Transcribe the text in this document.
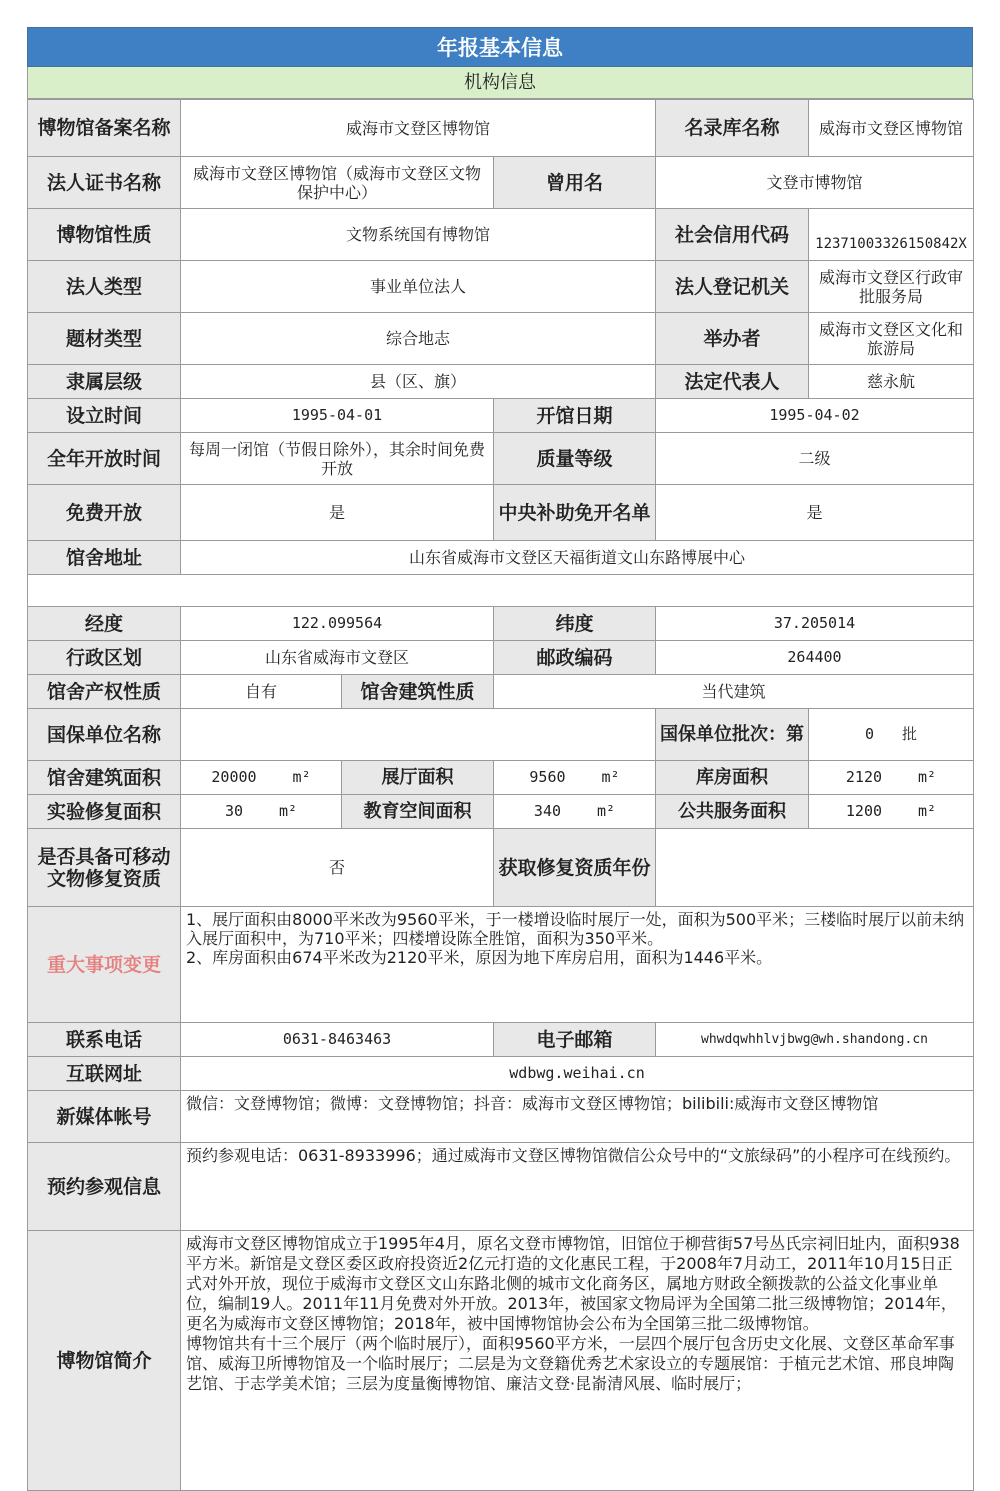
年报基本信息
机构信息
博物馆备案名称	威海市文登区博物馆			名录库名称	威海市文登区博物馆
法人证书名称	威海市文登区博物馆（威海市文登区文物保护中心）		曾用名	文登市博物馆	
博物馆性质	文物系统国有博物馆			社会信用代码	12371003326150842X
法人类型	事业单位法人			法人登记机关	威海市文登区行政审批服务局
题材类型	综合地志			举办者	威海市文登区文化和旅游局
隶属层级	县（区、旗）			法定代表人	慈永航
设立时间	1995-04-01		开馆日期	1995-04-02	
全年开放时间	每周一闭馆（节假日除外），其余时间免费开放		质量等级	二级	
免费开放	是		中央补助免开名单	是	
馆舍地址	山东省威海市文登区天福街道文山东路博展中心				

经度	122.099564		纬度	37.205014	
行政区划	山东省威海市文登区		邮政编码	264400	
馆舍产权性质	自有	馆舍建筑性质	当代建筑		
国保单位名称				国保单位批次：第	0 批
馆舍建筑面积	20000 m²	展厅面积	9560 m²	库房面积	2120 m²
实验修复面积	30 m²	教育空间面积	340 m²	公共服务面积	1200 m²
是否具备可移动文物修复资质	否		获取修复资质年份		
重大事项变更	1、展厅面积由8000平米改为9560平米，于一楼增设临时展厅一处，面积为500平米；三楼临时展厅以前未纳入展厅面积中，为710平米；四楼增设陈全胜馆，面积为350平米。
2、库房面积由674平米改为2120平米，原因为地下库房启用，面积为1446平米。				

联系电话	0631-8463463		电子邮箱	whwdqwhhlvjbwg@wh.shandong.cn	
互联网址	wdbwg.weihai.cn				
新媒体帐号	微信：文登博物馆；微博：文登博物馆；抖音：威海市文登区博物馆；bilibili:威海市文登区博物馆				
预约参观信息	预约参观电话：0631-8933996；通过威海市文登区博物馆微信公众号中的“文旅绿码”的小程序可在线预约。				
博物馆简介	威海市文登区博物馆成立于1995年4月，原名文登市博物馆，旧馆位于柳营街57号丛氏宗祠旧址内，面积938平方米。新馆是文登区委区政府投资近2亿元打造的文化惠民工程，于2008年7月动工，2011年10月15日正式对外开放，现位于威海市文登区文山东路北侧的城市文化商务区，属地方财政全额拨款的公益文化事业单位，编制19人。2011年11月免费对外开放。2013年，被国家文物局评为全国第二批三级博物馆；2014年，更名为威海市文登区博物馆；2018年，被中国博物馆协会公布为全国第三批二级博物馆。
博物馆共有十三个展厅（两个临时展厅），面积9560平方米，一层四个展厅包含历史文化展、文登区革命军事馆、威海卫所博物馆及一个临时展厅；二层是为文登籍优秀艺术家设立的专题展馆：于植元艺术馆、邢良坤陶艺馆、于志学美术馆；三层为度量衡博物馆、廉洁文登·昆嵛清风展、临时展厅；				
